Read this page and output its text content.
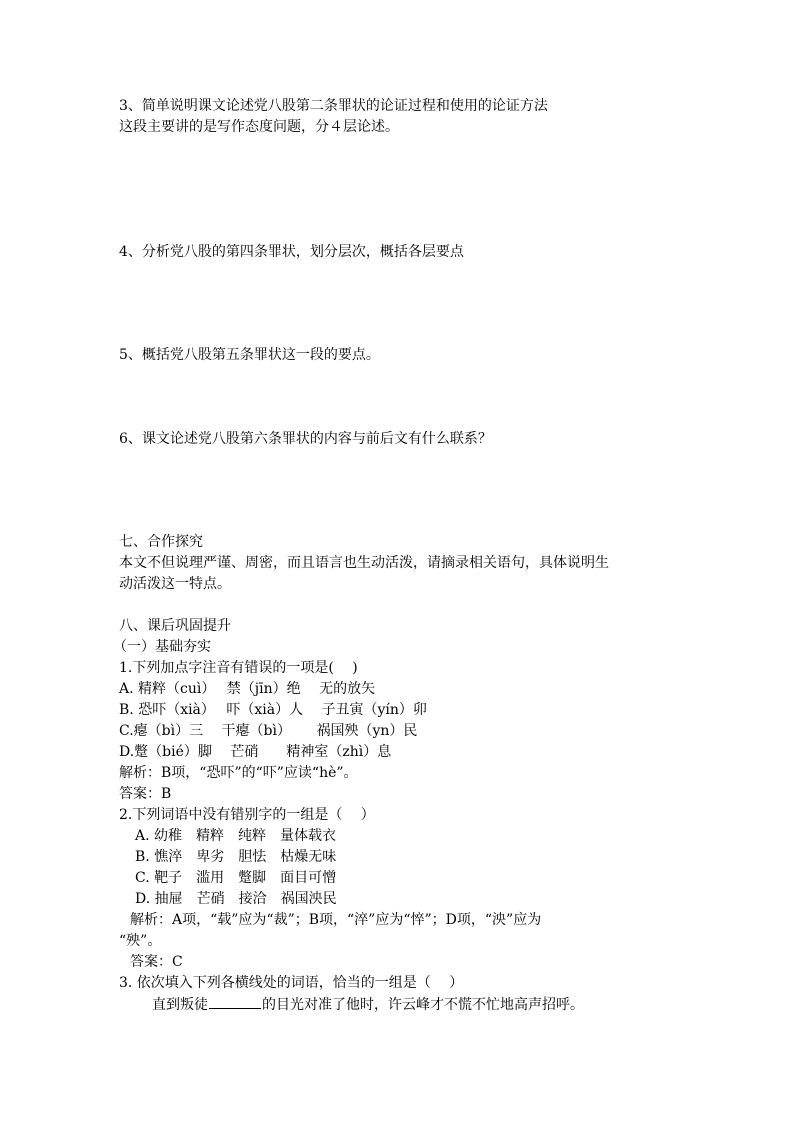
3、简单说明课文论述党八股第二条罪状的论证过程和使用的论证方法
这段主要讲的是写作态度问题，分４层论述。
4、分析党八股的第四条罪状，划分层次，概括各层要点
5、概括党八股第五条罪状这一段的要点。
6、课文论述党八股第六条罪状的内容与前后文有什么联系？
七、合作探究
本文不但说理严谨、周密，而且语言也生动活泼，请摘录相关语句，具体说明生
动活泼这一特点。
八、课后巩固提升
（一）基础夯实
1.下列加点字注音有错误的一项是(　 )
A. 精粹（cuì）　 禁（jīn）绝　 无的放矢
B. 恐吓（xià）　 吓（xià）人　 子丑寅（yín）卯
C.瘪（bì）三　 干瘪（bì）　　 祸国殃（yn）民
D.蹩（bié）脚　 芒硝　　精神室（zhì）息
解析：B项，“恐吓”的“吓”应读“hè”。
答案：B
2.下列词语中没有错别字的一组是（　 ）
A. 幼稚　精粹　纯粹　量体载衣
B. 憔淬　卑劣　胆怯　枯燥无味
C. 靶子　滥用　蹩脚　面目可憎
D. 抽屉　芒硝　接洽　祸国泱民
解析：A项，“载”应为“裁”；B项，“淬”应为“悴”；D项，“泱”应为
“殃”。
答案：C
3. 依次填入下列各横线处的词语，恰当的一组是（　 ）
直到叛徒	的目光对准了他时，许云峰才不慌不忙地高声招呼。
